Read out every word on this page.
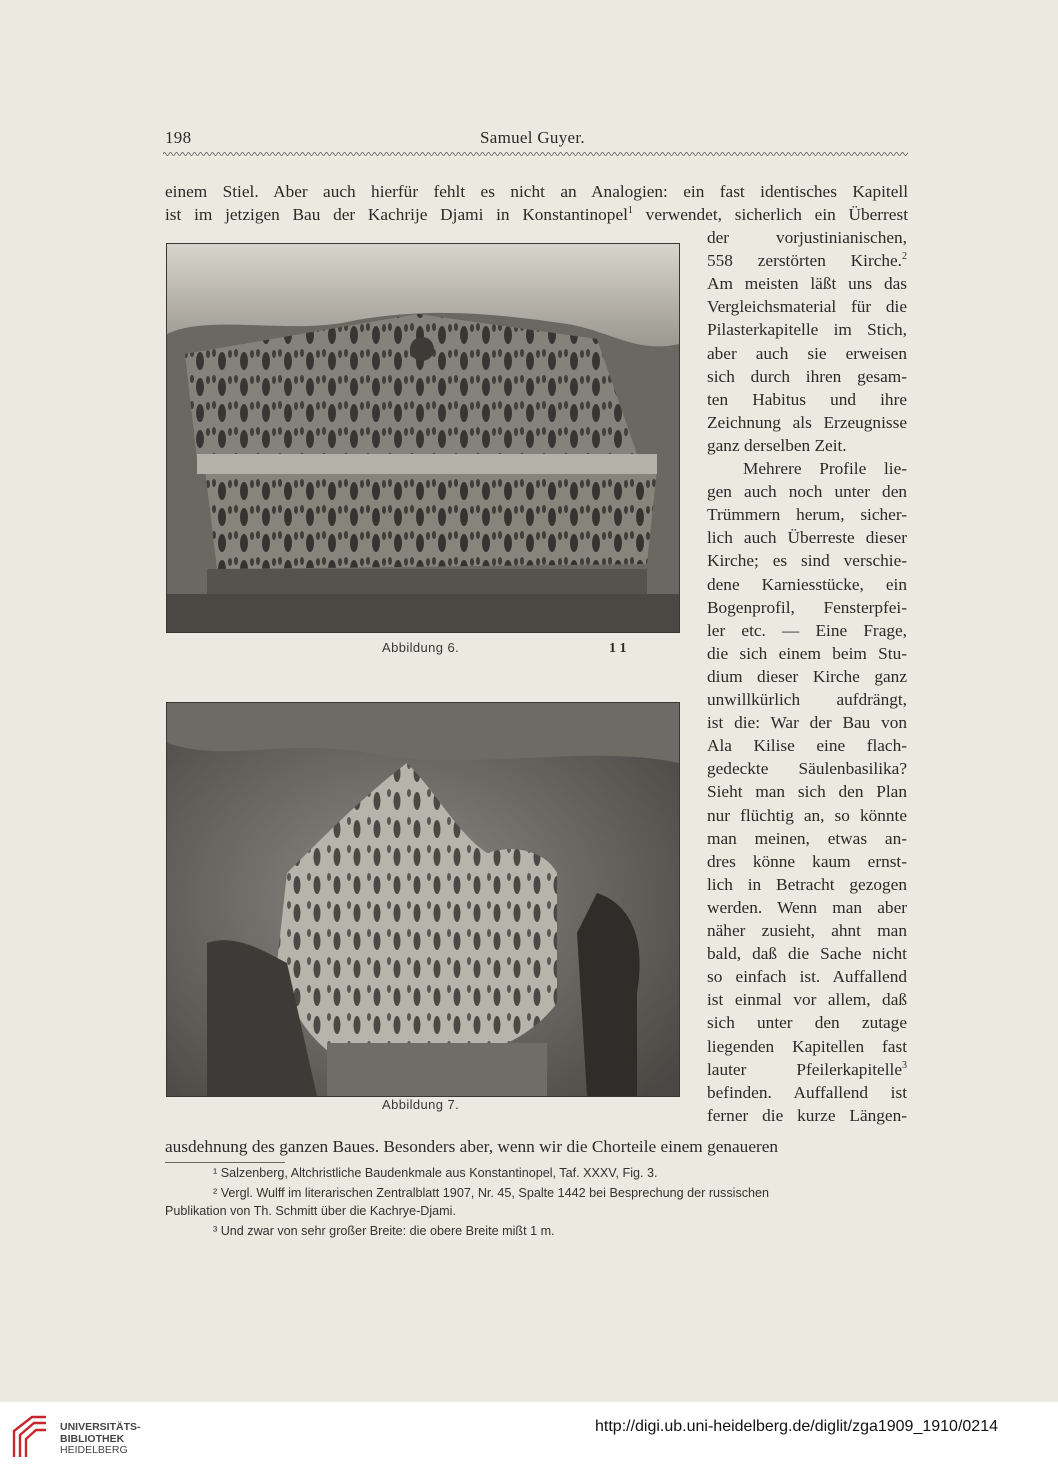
198	Samuel Guyer.
einem Stiel. Aber auch hierfür fehlt es nicht an Analogien: ein fast identisches Kapitell
ist im jetzigen Bau der Kachrije Djami in Konstantinopel$^1$ verwendet, sicherlich ein Überrest
der vorjustinianischen,
558 zerstörten Kirche.$^2$
Am meisten läßt uns das
Vergleichsmaterial für die
Pilasterkapitelle im Stich,
aber auch sie erweisen
sich durch ihren gesam-
ten Habitus und ihre
Zeichnung als Erzeugnisse
ganz derselben Zeit.
Mehrere Profile lie-
gen auch noch unter den
Trümmern herum, sicher-
lich auch Überreste dieser
Kirche; es sind verschie-
dene Karniesstücke, ein
Bogenprofil, Fensterpfei-
ler etc. — Eine Frage,
die sich einem beim Stu-
dium dieser Kirche ganz
unwillkürlich aufdrängt,
ist die: War der Bau von
Ala Kilise eine flach-
gedeckte Säulenbasilika?
Sieht man sich den Plan
nur flüchtig an, so könnte
man meinen, etwas an-
dres könne kaum ernst-
lich in Betracht gezogen
werden. Wenn man aber
näher zusieht, ahnt man
bald, daß die Sache nicht
so einfach ist. Auffallend
ist einmal vor allem, daß
sich unter den zutage
liegenden Kapitellen fast
lauter Pfeilerkapitelle$^3$
befinden. Auffallend ist
ferner die kurze Längen-
ausdehnung des ganzen Baues. Besonders aber, wenn wir die Chorteile einem genaueren
Abbildung 6.	1 1
Abbildung 7.
¹ Salzenberg, Altchristliche Baudenkmale aus Konstantinopel, Taf. XXXV, Fig. 3.
² Vergl. Wulff im literarischen Zentralblatt 1907, Nr. 45, Spalte 1442 bei Besprechung der russischen
Publikation von Th. Schmitt über die Kachrye-Djami.
³ Und zwar von sehr großer Breite: die obere Breite mißt 1 m.
UNIVERSITÄTS-
BIBLIOTHEK
HEIDELBERG
http://digi.ub.uni-heidelberg.de/diglit/zga1909_1910/0214
